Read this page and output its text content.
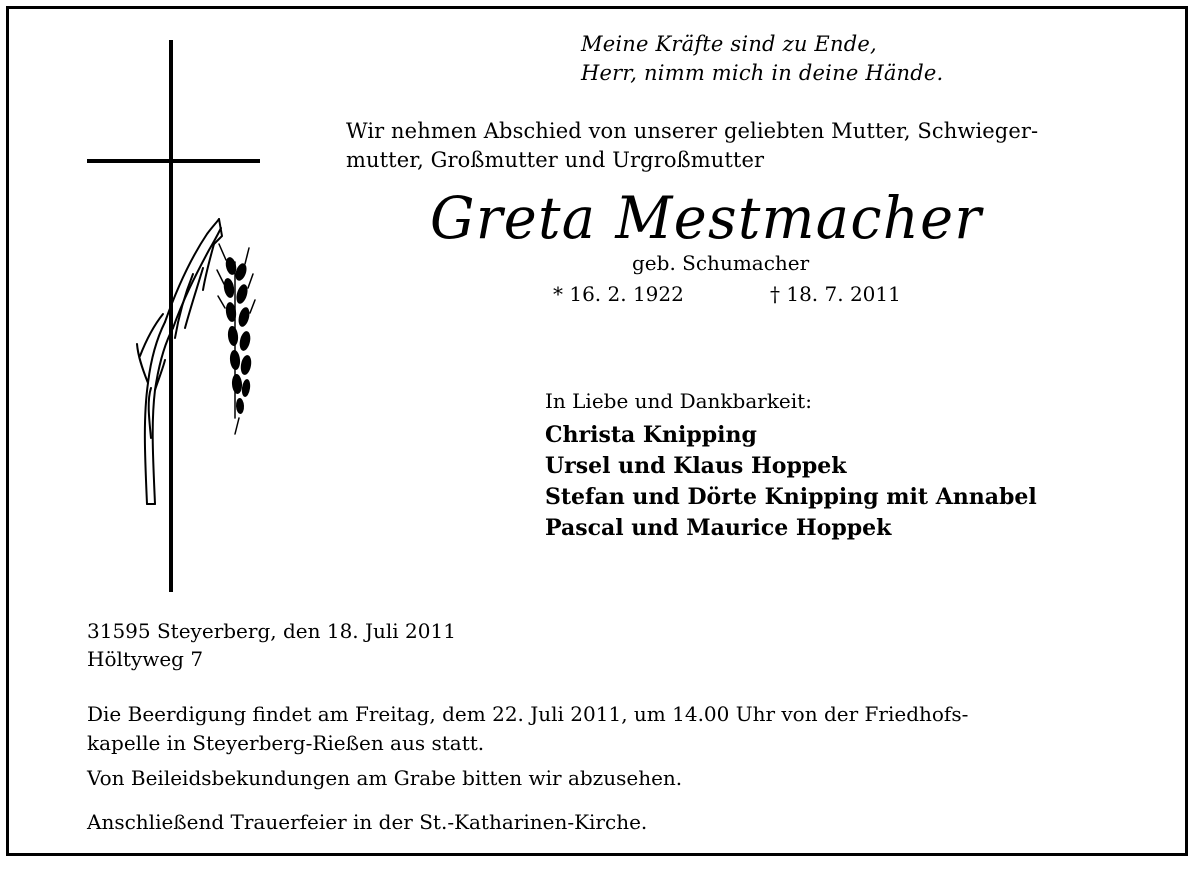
Meine Kräfte sind zu Ende,
Herr, nimm mich in deine Hände.
Wir nehmen Abschied von unserer geliebten Mutter, Schwieger-
mutter, Großmutter und Urgroßmutter
Greta Mestmacher
geb. Schumacher
* 16. 2. 1922	† 18. 7. 2011
In Liebe und Dankbarkeit:
Christa Knipping
Ursel und Klaus Hoppek
Stefan und Dörte Knipping mit Annabel
Pascal und Maurice Hoppek
31595 Steyerberg, den 18. Juli 2011
Höltyweg 7
Die Beerdigung findet am Freitag, dem 22. Juli 2011, um 14.00 Uhr von der Friedhofs-
kapelle in Steyerberg-Rießen aus statt.
Von Beileidsbekundungen am Grabe bitten wir abzusehen.
Anschließend Trauerfeier in der St.-Katharinen-Kirche.
